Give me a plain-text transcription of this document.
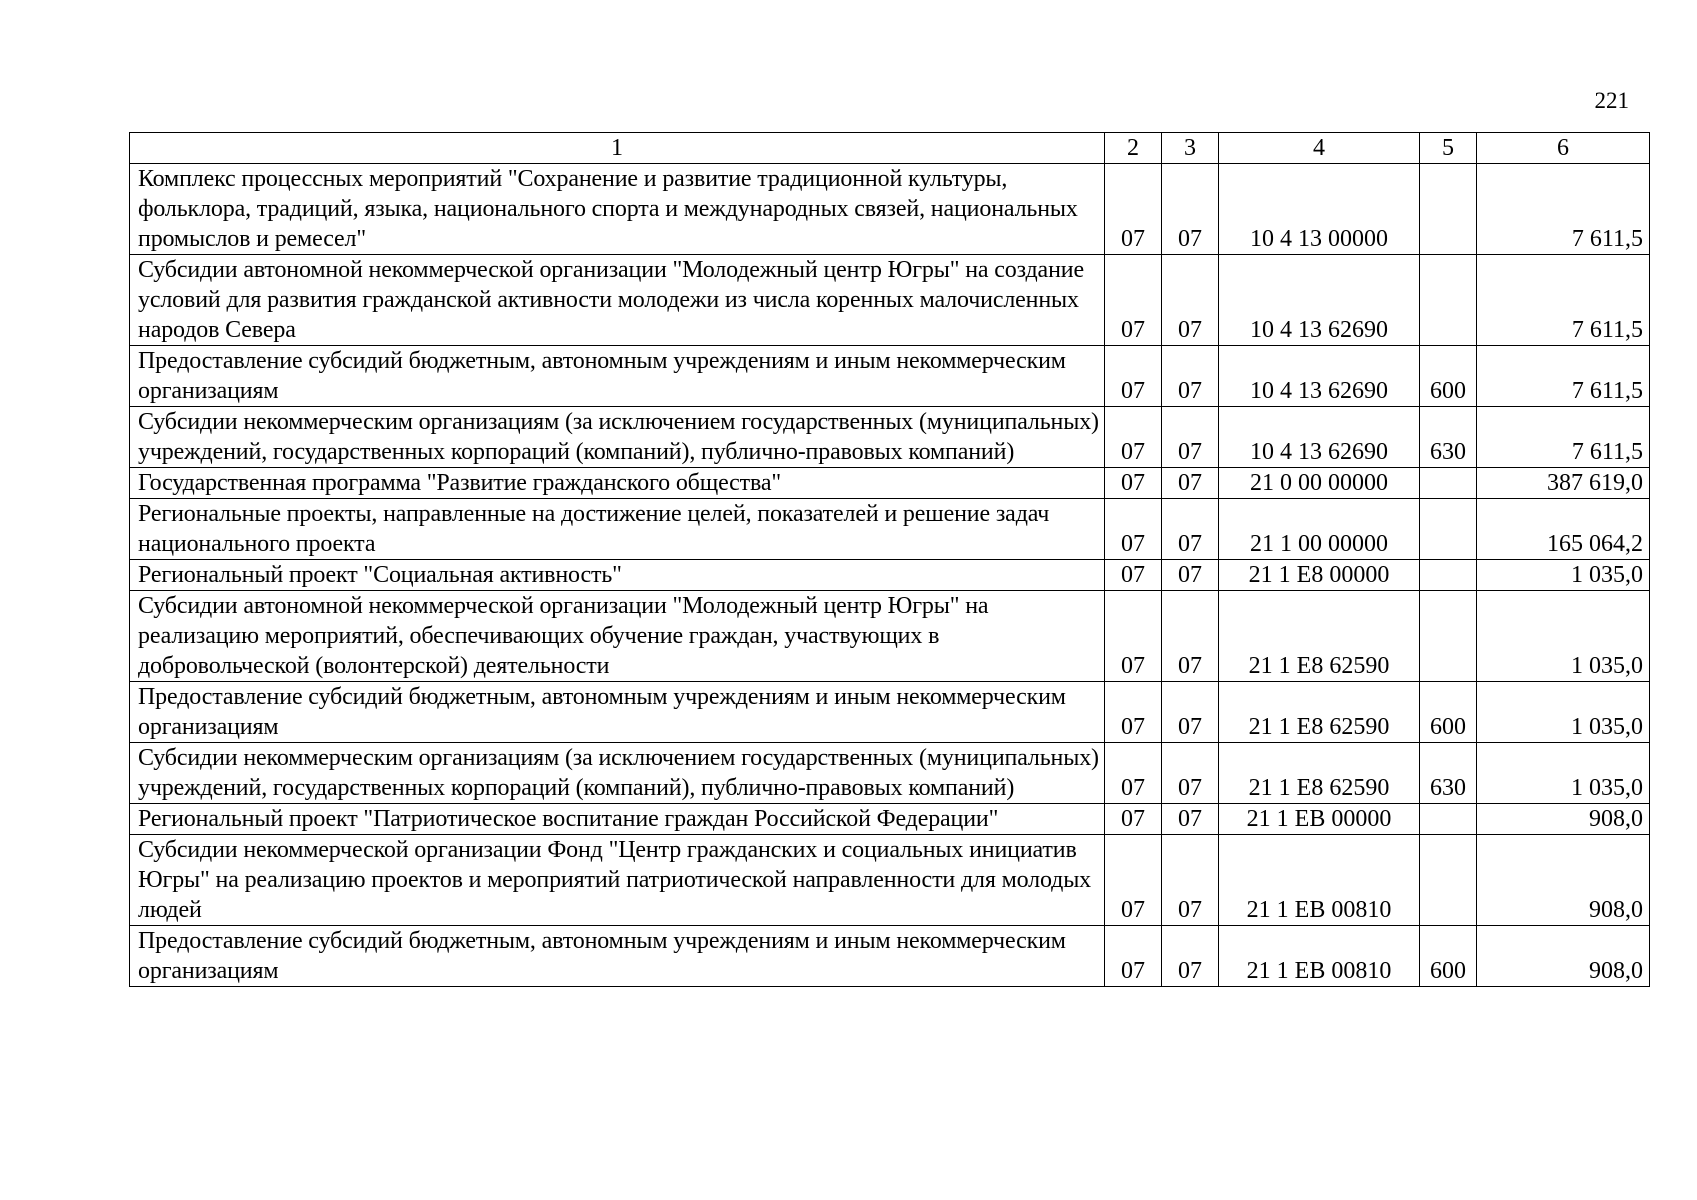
221
1	2	3	4	5	6
Комплекс процессных мероприятий "Сохранение и развитие традиционной культуры, фольклора, традиций, языка, национального спорта и международных связей, национальных промыслов и ремесел"	07	07	10 4 13 00000		7 611,5
Субсидии автономной некоммерческой организации "Молодежный центр Югры" на создание условий для развития гражданской активности молодежи из числа коренных малочисленных народов Севера	07	07	10 4 13 62690		7 611,5
Предоставление субсидий бюджетным, автономным учреждениям и иным некоммерческим организациям	07	07	10 4 13 62690	600	7 611,5
Субсидии некоммерческим организациям (за исключением государственных (муниципальных) учреждений, государственных корпораций (компаний), публично-правовых компаний)	07	07	10 4 13 62690	630	7 611,5
Государственная программа "Развитие гражданского общества"	07	07	21 0 00 00000		387 619,0
Региональные проекты, направленные на достижение целей, показателей и решение задач национального проекта	07	07	21 1 00 00000		165 064,2
Региональный проект "Социальная активность"	07	07	21 1 E8 00000		1 035,0
Субсидии автономной некоммерческой организации "Молодежный центр Югры" на реализацию мероприятий, обеспечивающих обучение граждан, участвующих в добровольческой (волонтерской) деятельности	07	07	21 1 E8 62590		1 035,0
Предоставление субсидий бюджетным, автономным учреждениям и иным некоммерческим организациям	07	07	21 1 E8 62590	600	1 035,0
Субсидии некоммерческим организациям (за исключением государственных (муниципальных) учреждений, государственных корпораций (компаний), публично-правовых компаний)	07	07	21 1 E8 62590	630	1 035,0
Региональный проект "Патриотическое воспитание граждан Российской Федерации"	07	07	21 1 EB 00000		908,0
Субсидии некоммерческой организации Фонд "Центр гражданских и социальных инициатив Югры" на реализацию проектов и мероприятий патриотической направленности для молодых людей	07	07	21 1 EB 00810		908,0
Предоставление субсидий бюджетным, автономным учреждениям и иным некоммерческим организациям	07	07	21 1 EB 00810	600	908,0
